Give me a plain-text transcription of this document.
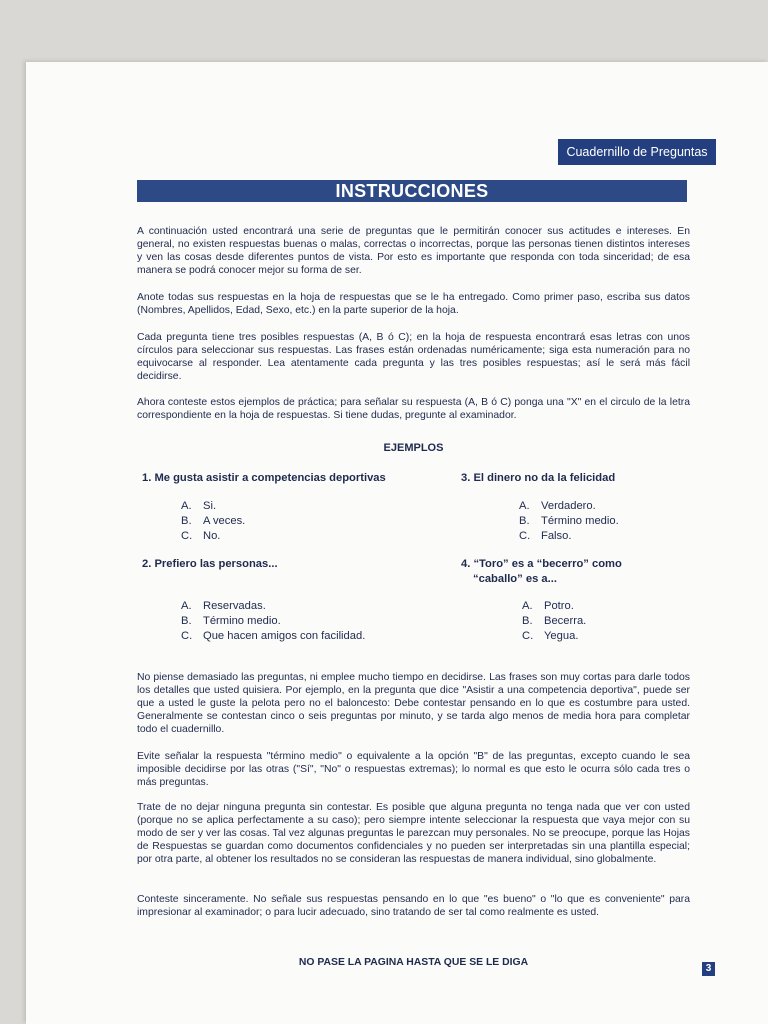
Cuadernillo de Preguntas
INSTRUCCIONES

A continuación usted encontrará una serie de preguntas que le permitirán conocer sus actitudes e intereses. En general, no existen respuestas buenas o malas, correctas o incorrectas, porque las personas tienen distintos intereses y ven las cosas desde diferentes puntos de vista. Por esto es importante que responda con toda sinceridad; de esa manera se podrá conocer mejor su forma de ser.

Anote todas sus respuestas en la hoja de respuestas que se le ha entregado. Como primer paso, escriba sus datos (Nombres, Apellidos, Edad, Sexo, etc.) en la parte superior de la hoja.

Cada pregunta tiene tres posibles respuestas (A, B ó C); en la hoja de respuesta encontrará esas letras con unos círculos para seleccionar sus respuestas. Las frases están ordenadas numéricamente; siga esta numeración para no equivocarse al responder. Lea atentamente cada pregunta y las tres posibles respuestas; así le será más fácil decidirse.

Ahora conteste estos ejemplos de práctica; para señalar su respuesta (A, B ó C) ponga una "X" en el circulo de la letra correspondiente en la hoja de respuestas. Si tiene dudas, pregunte al examinador.

EJEMPLOS

1. Me gusta asistir a competencias deportivas

A.	Si.
B.	A veces.
C. No.

3. El dinero no da la felicidad

A.	Verdadero.
B.	Término medio.
C. Falso.

2. Prefiero las personas...

A.	Reservadas.
B.	Término medio.
C. Que hacen amigos con facilidad.

4. “Toro” es a “becerro” como
“caballo” es a...

A.	Potro.
B.	Becerra.
C. Yegua.

No piense demasiado las preguntas, ni emplee mucho tiempo en decidirse. Las frases son muy cortas para darle todos los detalles que usted quisiera. Por ejemplo, en la pregunta que dice "Asistir a una competencia deportiva", puede ser que a usted le guste la pelota pero no el baloncesto: Debe contestar pensando en lo que es costumbre para usted. Generalmente se contestan cinco o seis preguntas por minuto, y se tarda algo menos de media hora para completar todo el cuadernillo.

Evite señalar la respuesta "término medio" o equivalente a la opción "B" de las preguntas, excepto cuando le sea imposible decidirse por las otras ("Sí", "No" o respuestas extremas); lo normal es que esto le ocurra sólo cada tres o más preguntas.

Trate de no dejar ninguna pregunta sin contestar. Es posible que alguna pregunta no tenga nada que ver con usted (porque no se aplica perfectamente a su caso); pero siempre intente seleccionar la respuesta que vaya mejor con su modo de ser y ver las cosas. Tal vez algunas preguntas le parezcan muy personales. No se preocupe, porque las Hojas de Respuestas se guardan como documentos confidenciales y no pueden ser interpretadas sin una plantilla especial; por otra parte, al obtener los resultados no se consideran las respuestas de manera individual, sino globalmente.

Conteste sinceramente. No señale sus respuestas pensando en lo que "es bueno" o "lo que es conveniente" para impresionar al examinador; o para lucir adecuado, sino tratando de ser tal como realmente es usted.

NO PASE LA PAGINA HASTA QUE SE LE DIGA
3
